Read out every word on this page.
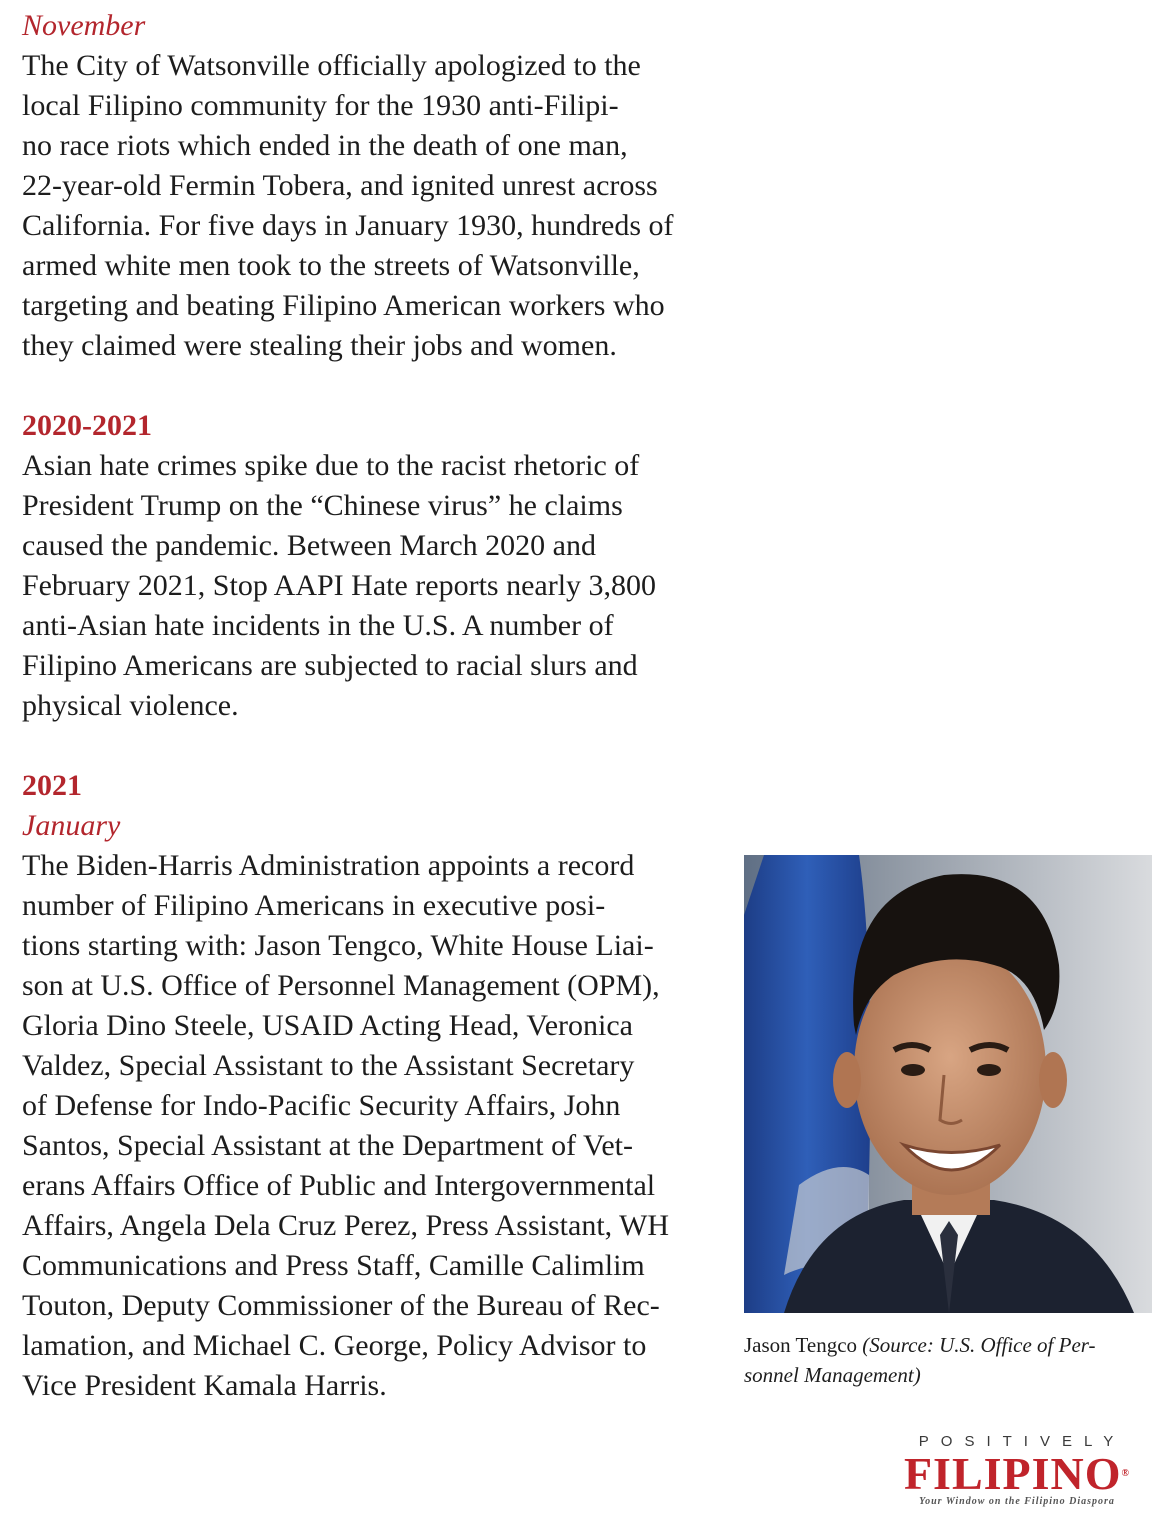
November

The City of Watsonville officially apologized to the
local Filipino community for the 1930 anti-Filipi-
no race riots which ended in the death of one man,
22-year-old Fermin Tobera, and ignited unrest across
California. For five days in January 1930, hundreds of
armed white men took to the streets of Watsonville,
targeting and beating Filipino American workers who
they claimed were stealing their jobs and women.

2020-2021

Asian hate crimes spike due to the racist rhetoric of
President Trump on the “Chinese virus” he claims
caused the pandemic. Between March 2020 and
February 2021, Stop AAPI Hate reports nearly 3,800
anti-Asian hate incidents in the U.S. A number of
Filipino Americans are subjected to racial slurs and
physical violence.

2021

January

The Biden-Harris Administration appoints a record
number of Filipino Americans in executive posi-
tions starting with: Jason Tengco, White House Liai-
son at U.S. Office of Personnel Management (OPM),
Gloria Dino Steele, USAID Acting Head, Veronica
Valdez, Special Assistant to the Assistant Secretary
of Defense for Indo-Pacific Security Affairs, John
Santos, Special Assistant at the Department of Vet-
erans Affairs Office of Public and Intergovernmental
Affairs, Angela Dela Cruz Perez, Press Assistant, WH
Communications and Press Staff, Camille Calimlim
Touton, Deputy Commissioner of the Bureau of Rec-
lamation, and Michael C. George, Policy Advisor to
Vice President Kamala Harris.

Jason Tengco (Source: U.S. Office of Per-
sonnel Management)

POSITIVELY
FILIPINO®
Your Window on the Filipino Diaspora
